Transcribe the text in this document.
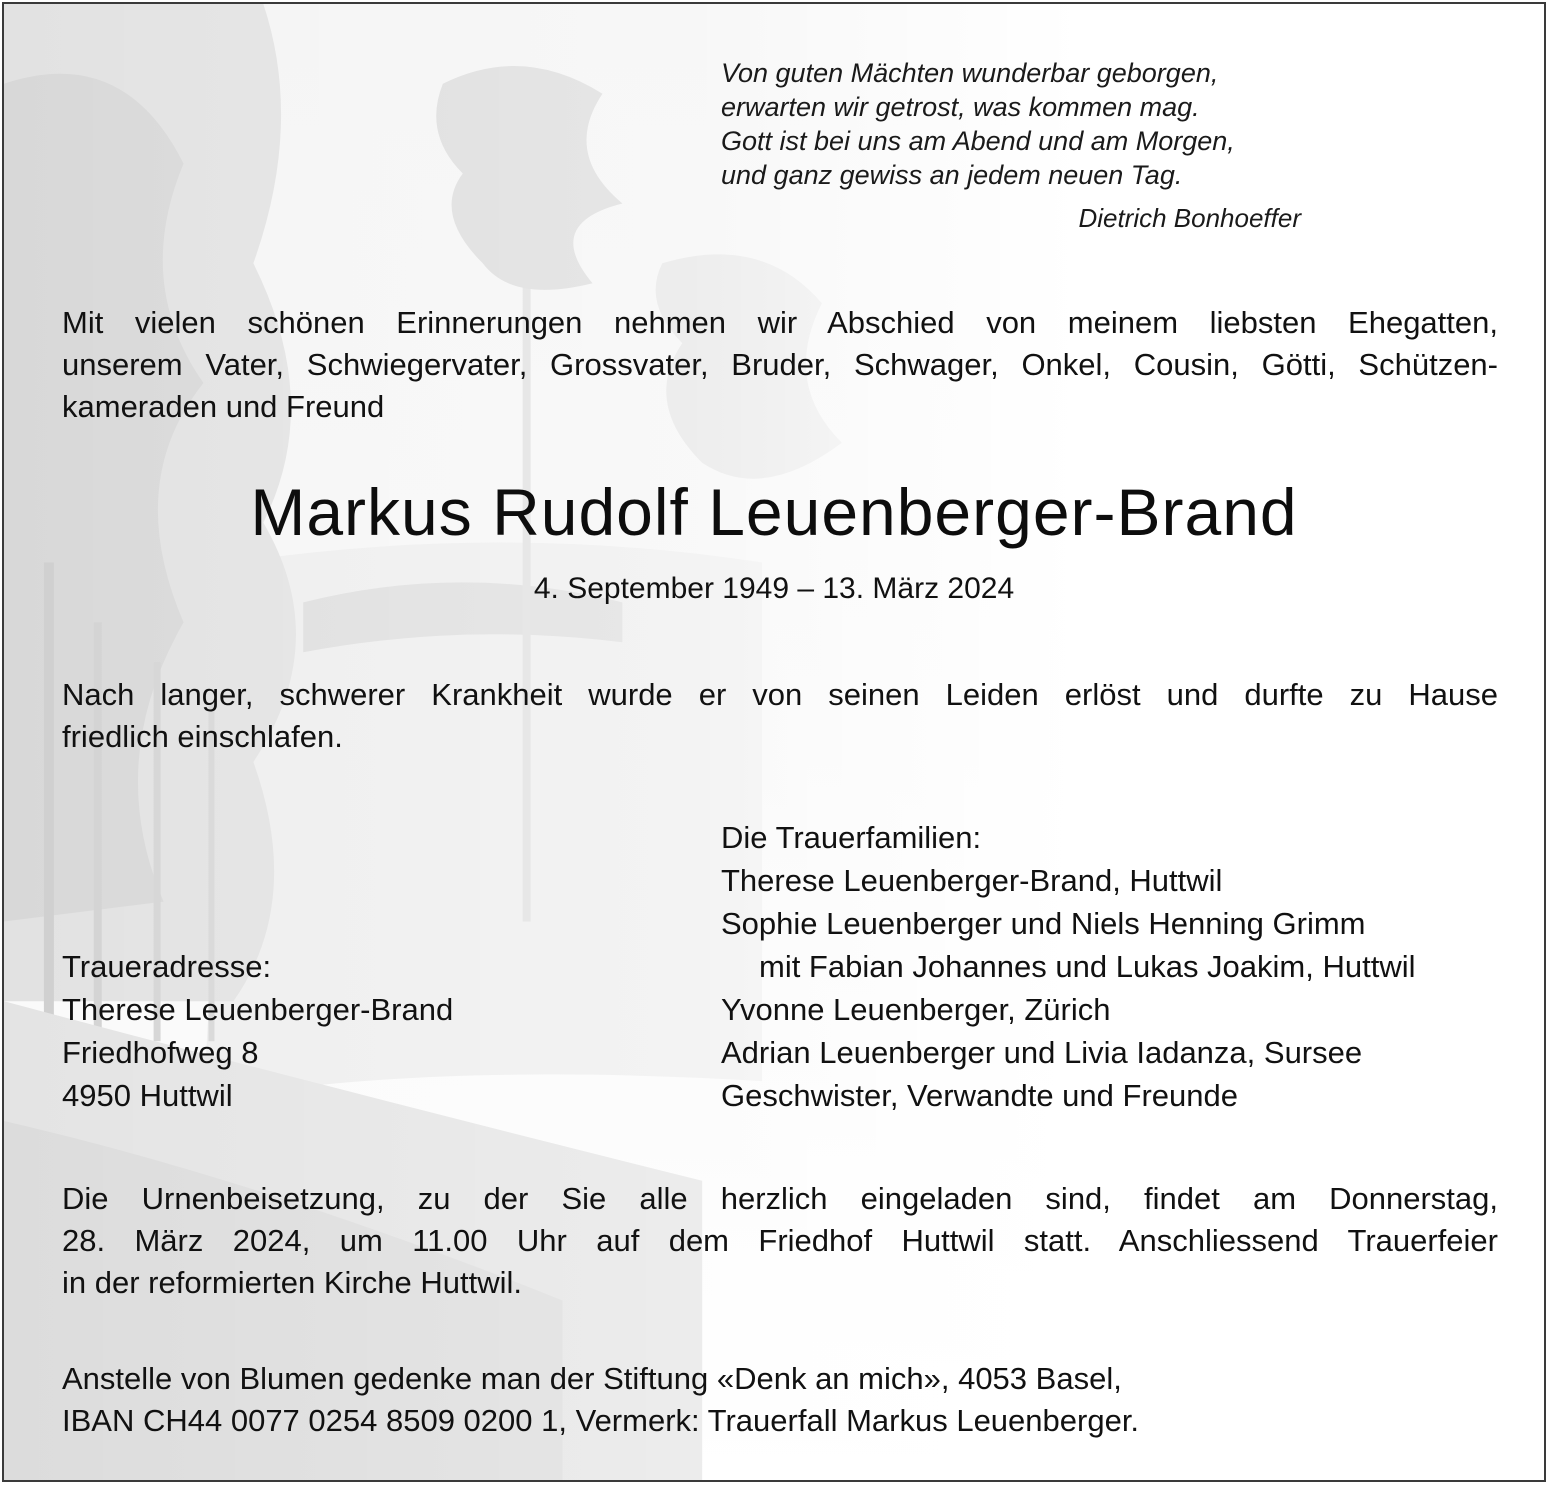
Von guten Mächten wunderbar geborgen,
erwarten wir getrost, was kommen mag.
Gott ist bei uns am Abend und am Morgen,
und ganz gewiss an jedem neuen Tag.
Dietrich Bonhoeffer
Mit vielen schönen Erinnerungen nehmen wir Abschied von meinem liebsten Ehegatten,
unserem Vater, Schwiegervater, Grossvater, Bruder, Schwager, Onkel, Cousin, Götti, Schützen-
kameraden und Freund
Markus Rudolf Leuenberger-Brand
4. September 1949 – 13. März 2024
Nach langer, schwerer Krankheit wurde er von seinen Leiden erlöst und durfte zu Hause
friedlich einschlafen.
Die Trauerfamilien:
Therese Leuenberger-Brand, Huttwil
Sophie Leuenberger und Niels Henning Grimm
mit Fabian Johannes und Lukas Joakim, Huttwil
Yvonne Leuenberger, Zürich
Adrian Leuenberger und Livia Iadanza, Sursee
Geschwister, Verwandte und Freunde
Traueradresse:
Therese Leuenberger-Brand
Friedhofweg 8
4950 Huttwil
Die Urnenbeisetzung, zu der Sie alle herzlich eingeladen sind, findet am Donnerstag,
28. März 2024, um 11.00 Uhr auf dem Friedhof Huttwil statt. Anschliessend Trauerfeier
in der reformierten Kirche Huttwil.
Anstelle von Blumen gedenke man der Stiftung «Denk an mich», 4053 Basel,
IBAN CH44 0077 0254 8509 0200 1, Vermerk: Trauerfall Markus Leuenberger.
